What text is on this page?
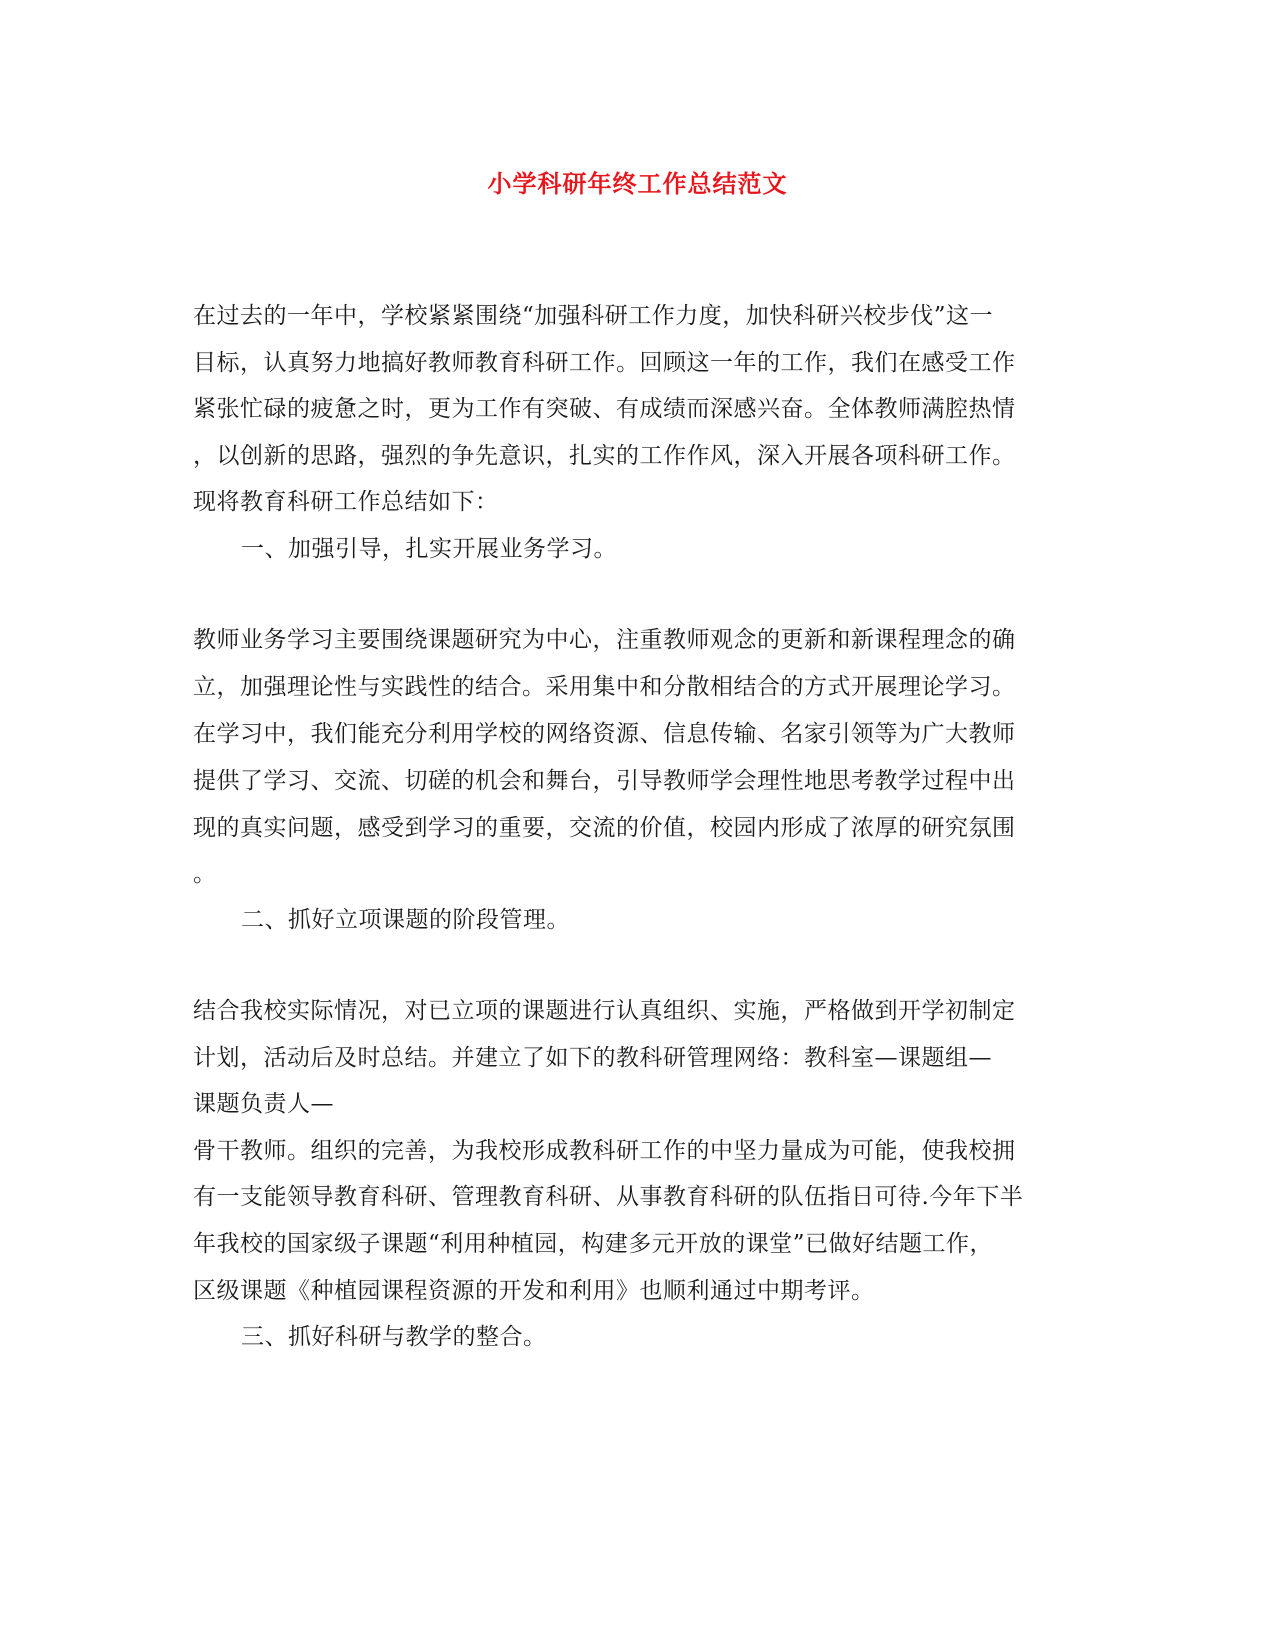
小学科研年终工作总结范文
在过去的一年中，学校紧紧围绕“加强科研工作力度，加快科研兴校步伐”这一
目标，认真努力地搞好教师教育科研工作。回顾这一年的工作，我们在感受工作
紧张忙碌的疲惫之时，更为工作有突破、有成绩而深感兴奋。全体教师满腔热情
，以创新的思路，强烈的争先意识，扎实的工作作风，深入开展各项科研工作。
现将教育科研工作总结如下：
一、加强引导，扎实开展业务学习。
教师业务学习主要围绕课题研究为中心，注重教师观念的更新和新课程理念的确
立，加强理论性与实践性的结合。采用集中和分散相结合的方式开展理论学习。
在学习中，我们能充分利用学校的网络资源、信息传输、名家引领等为广大教师
提供了学习、交流、切磋的机会和舞台，引导教师学会理性地思考教学过程中出
现的真实问题，感受到学习的重要，交流的价值，校园内形成了浓厚的研究氛围
。
二、抓好立项课题的阶段管理。
结合我校实际情况，对已立项的课题进行认真组织、实施，严格做到开学初制定
计划，活动后及时总结。并建立了如下的教科研管理网络：教科室—课题组—
课题负责人—
骨干教师。组织的完善，为我校形成教科研工作的中坚力量成为可能，使我校拥
有一支能领导教育科研、管理教育科研、从事教育科研的队伍指日可待.今年下半
年我校的国家级子课题“利用种植园，构建多元开放的课堂”已做好结题工作，
区级课题《种植园课程资源的开发和利用》也顺利通过中期考评。
三、抓好科研与教学的整合。
